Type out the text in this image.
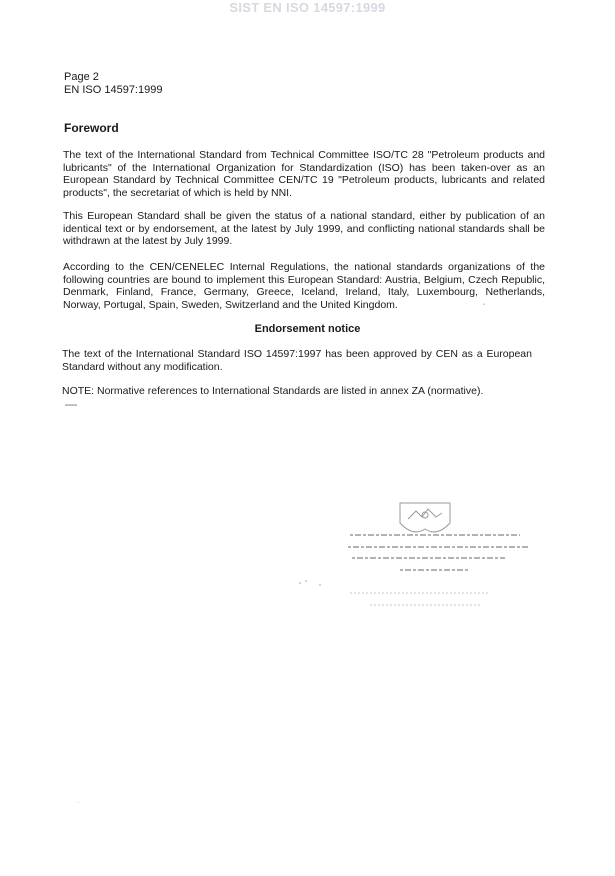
SIST EN ISO 14597:1999
Page 2
EN ISO 14597:1999
Foreword

The text of the International Standard from Technical Committee ISO/TC 28 "Petroleum products and lubricants" of the International Organization for Standardization (ISO) has been taken-over as an European Standard by Technical Committee CEN/TC 19 "Petroleum products, lubricants and related products", the secretariat of which is held by NNI.

This European Standard shall be given the status of a national standard, either by publication of an identical text or by endorsement, at the latest by July 1999, and conflicting national standards shall be withdrawn at the latest by July 1999.

According to the CEN/CENELEC Internal Regulations, the national standards organizations of the following countries are bound to implement this European Standard: Austria, Belgium, Czech Republic, Denmark, Finland, France, Germany, Greece, Iceland, Ireland, Italy, Luxembourg, Netherlands, Norway, Portugal, Spain, Sweden, Switzerland and the United Kingdom.

Endorsement notice

The text of the International Standard ISO 14597:1997 has been approved by CEN as a European Standard without any modification.

NOTE: Normative references to International Standards are listed in annex ZA (normative).

▬▬
▪
· ·
